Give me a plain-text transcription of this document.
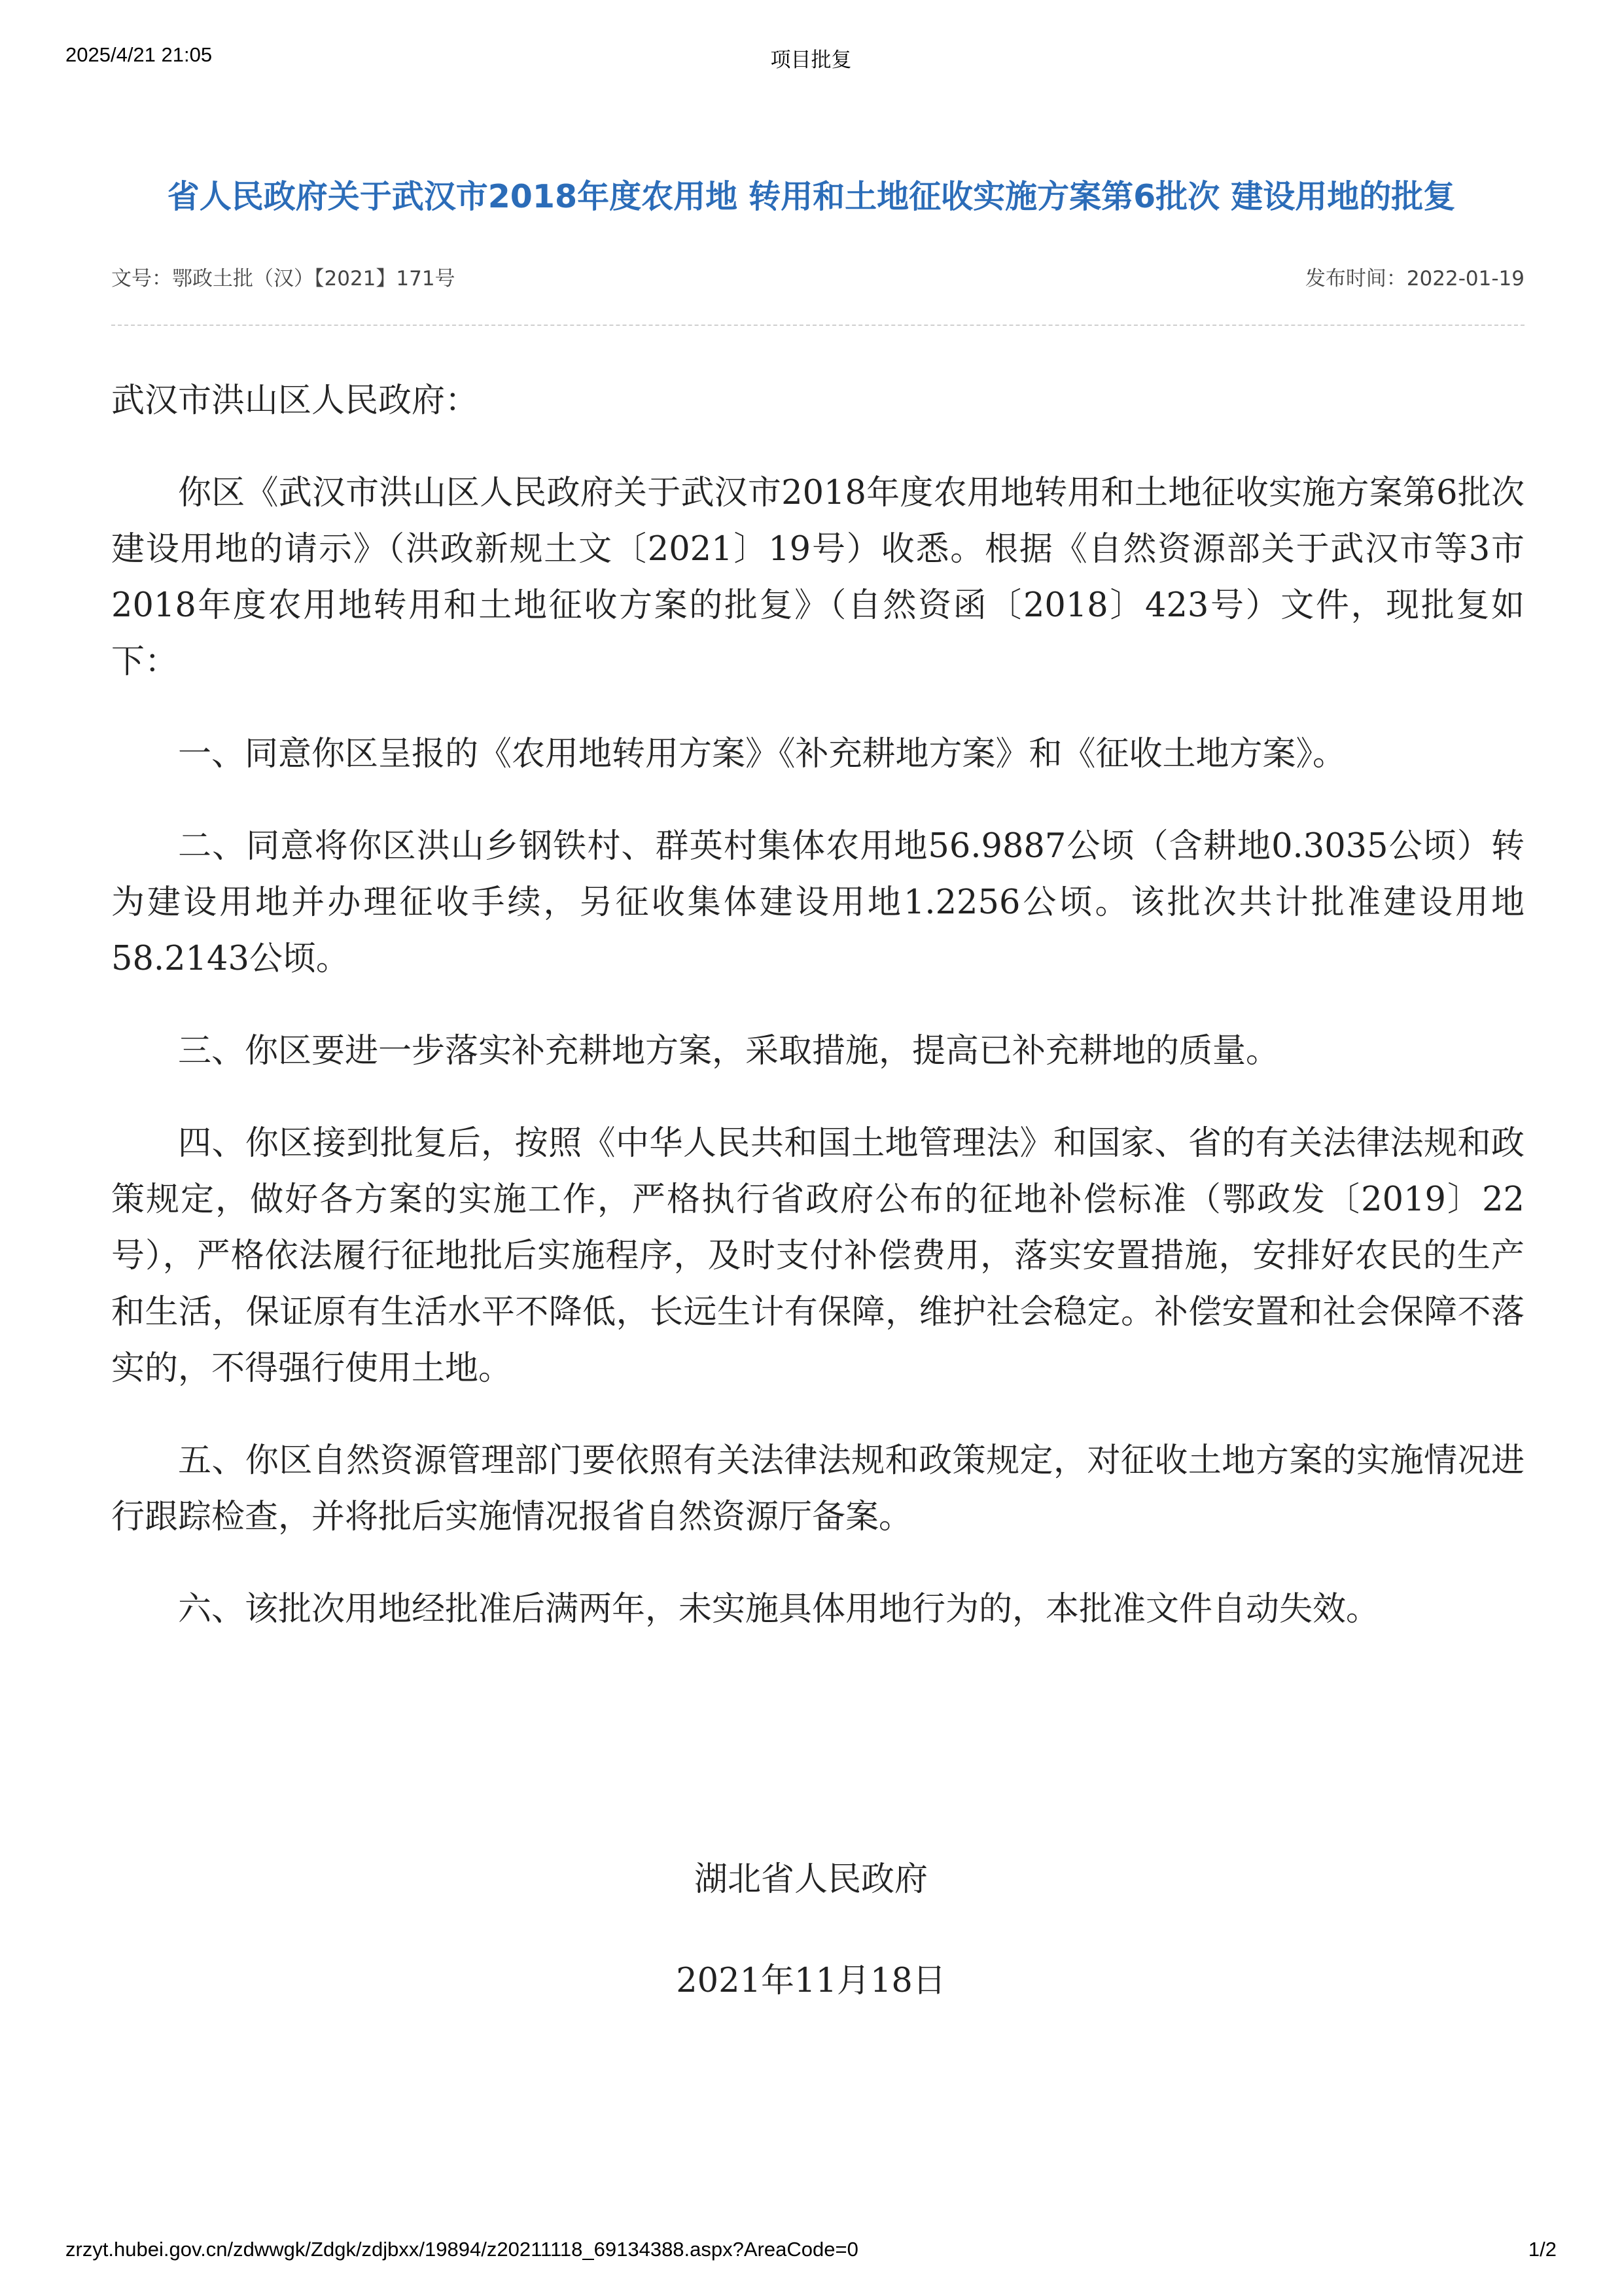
2025/4/21 21:05	项目批复
省人民政府关于武汉市2018年度农用地 转用和土地征收实施方案第6批次 建设用地的批复
文号：鄂政土批（汉）【2021】171号	发布时间：2022-01-19

武汉市洪山区人民政府：

你区《武汉市洪山区人民政府关于武汉市2018年度农用地转用和土地征收实施方案第6批次建设用地的请示》（洪政新规土文〔2021〕19号）收悉。根据《自然资源部关于武汉市等3市2018年度农用地转用和土地征收方案的批复》（自然资函〔2018〕423号）文件，现批复如下：

一、同意你区呈报的《农用地转用方案》《补充耕地方案》和《征收土地方案》。

二、同意将你区洪山乡钢铁村、群英村集体农用地56.9887公顷（含耕地0.3035公顷）转为建设用地并办理征收手续，另征收集体建设用地1.2256公顷。该批次共计批准建设用地58.2143公顷。

三、你区要进一步落实补充耕地方案，采取措施，提高已补充耕地的质量。

四、你区接到批复后，按照《中华人民共和国土地管理法》和国家、省的有关法律法规和政策规定，做好各方案的实施工作，严格执行省政府公布的征地补偿标准（鄂政发〔2019〕22号），严格依法履行征地批后实施程序，及时支付补偿费用，落实安置措施，安排好农民的生产和生活，保证原有生活水平不降低，长远生计有保障，维护社会稳定。补偿安置和社会保障不落实的，不得强行使用土地。

五、你区自然资源管理部门要依照有关法律法规和政策规定，对征收土地方案的实施情况进行跟踪检查，并将批后实施情况报省自然资源厅备案。

六、该批次用地经批准后满两年，未实施具体用地行为的，本批准文件自动失效。

湖北省人民政府
2021年11月18日
zrzyt.hubei.gov.cn/zdwwgk/Zdgk/zdjbxx/19894/z20211118_69134388.aspx?AreaCode=0	1/2
